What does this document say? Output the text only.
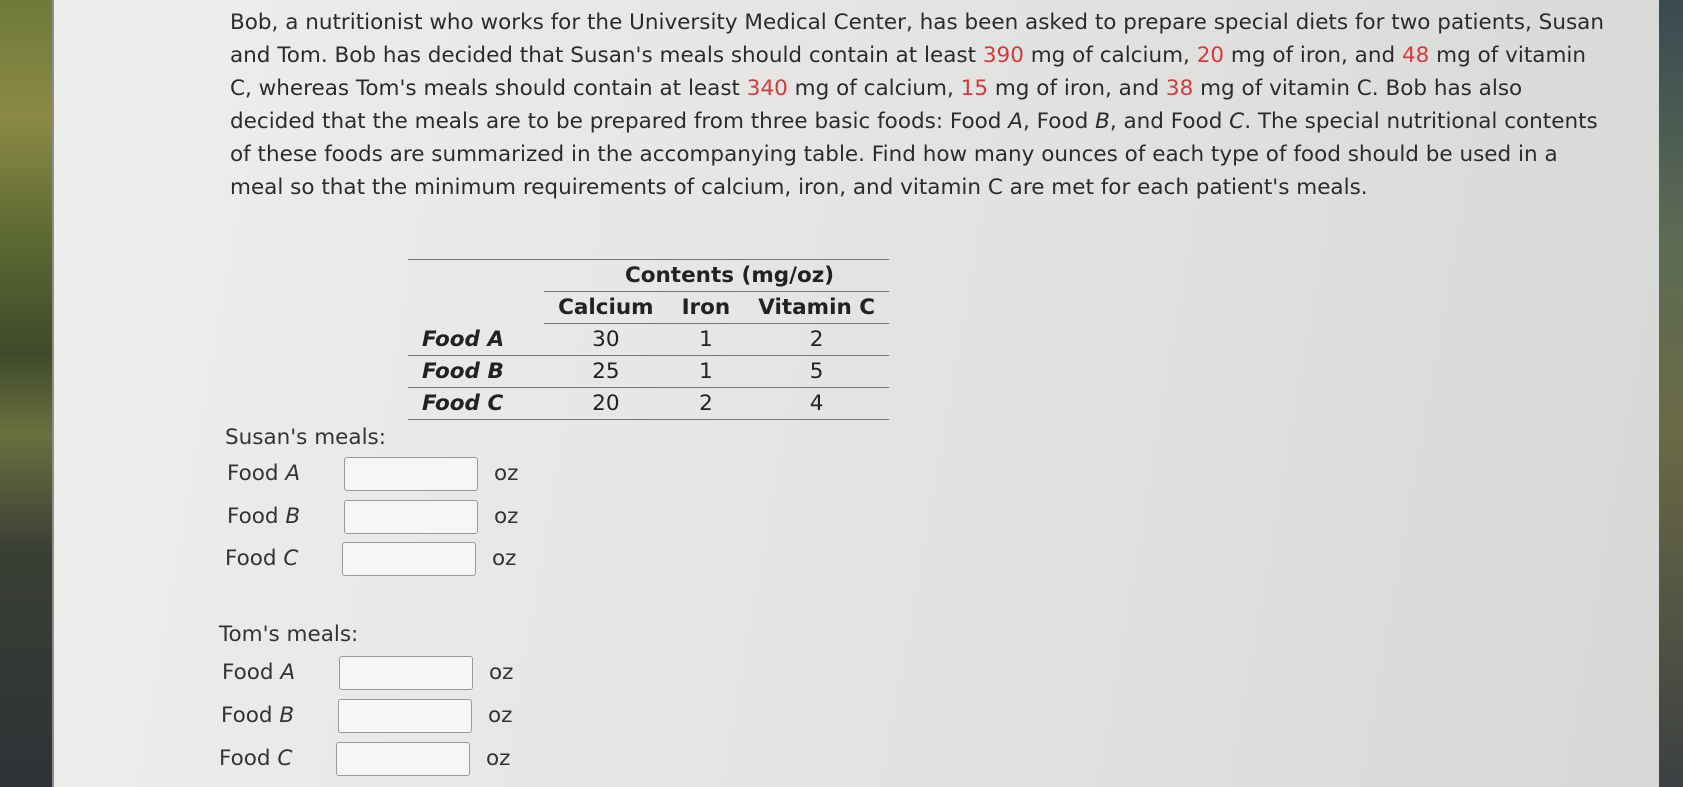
Bob, a nutritionist who works for the University Medical Center, has been asked to prepare special diets for two patients, Susan and Tom. Bob has decided that Susan's meals should contain at least 390 mg of calcium, 20 mg of iron, and 48 mg of vitamin C, whereas Tom's meals should contain at least 340 mg of calcium, 15 mg of iron, and 38 mg of vitamin C. Bob has also decided that the meals are to be prepared from three basic foods: Food A, Food B, and Food C. The special nutritional contents of these foods are summarized in the accompanying table. Find how many ounces of each type of food should be used in a meal so that the minimum requirements of calcium, iron, and vitamin C are met for each patient's meals.
	Contents (mg/oz)		
	Calcium	Iron	Vitamin C
Food A	30	1	2
Food B	25	1	5
Food C	20	2	4
Susan's meals:
Food A	oz
Food B	oz
Food C	oz
Tom's meals:
Food A	oz
Food B	oz
Food C	oz
